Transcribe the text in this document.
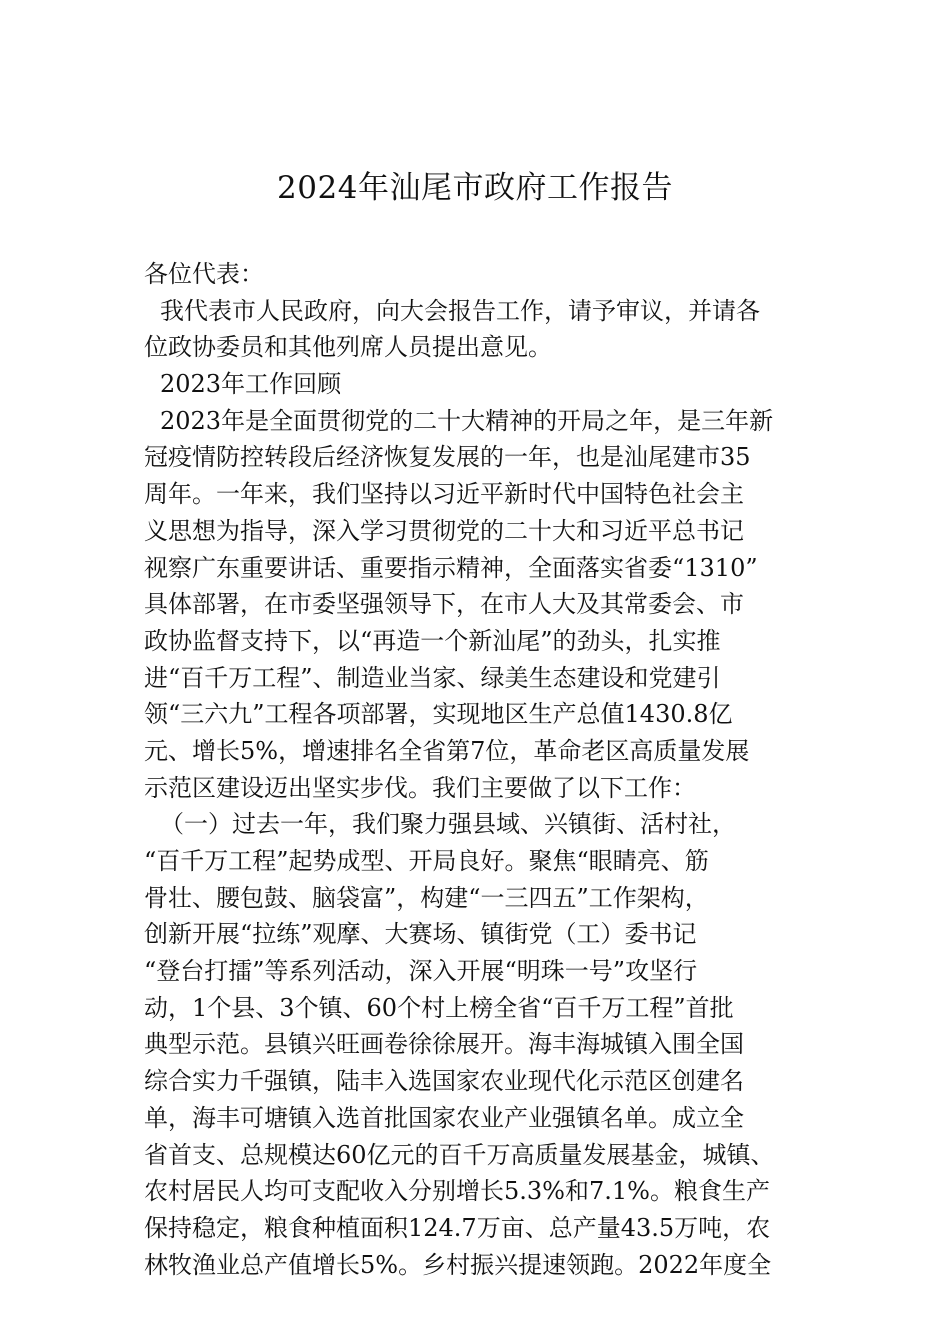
2024年汕尾市政府工作报告
各位代表：
我代表市人民政府，向大会报告工作，请予审议，并请各
位政协委员和其他列席人员提出意见。
2023年工作回顾
2023年是全面贯彻党的二十大精神的开局之年，是三年新
冠疫情防控转段后经济恢复发展的一年，也是汕尾建市35
周年。一年来，我们坚持以习近平新时代中国特色社会主
义思想为指导，深入学习贯彻党的二十大和习近平总书记
视察广东重要讲话、重要指示精神，全面落实省委“1310”
具体部署，在市委坚强领导下，在市人大及其常委会、市
政协监督支持下，以“再造一个新汕尾”的劲头，扎实推
进“百千万工程”、制造业当家、绿美生态建设和党建引
领“三六九”工程各项部署，实现地区生产总值1430.8亿
元、增长5%，增速排名全省第7位，革命老区高质量发展
示范区建设迈出坚实步伐。我们主要做了以下工作：
（一）过去一年，我们聚力强县域、兴镇街、活村社，
“百千万工程”起势成型、开局良好。聚焦“眼睛亮、筋
骨壮、腰包鼓、脑袋富”，构建“一三四五”工作架构，
创新开展“拉练”观摩、大赛场、镇街党（工）委书记
“登台打擂”等系列活动，深入开展“明珠一号”攻坚行
动，1个县、3个镇、60个村上榜全省“百千万工程”首批
典型示范。县镇兴旺画卷徐徐展开。海丰海城镇入围全国
综合实力千强镇，陆丰入选国家农业现代化示范区创建名
单，海丰可塘镇入选首批国家农业产业强镇名单。成立全
省首支、总规模达60亿元的百千万高质量发展基金，城镇、
农村居民人均可支配收入分别增长5.3%和7.1%。粮食生产
保持稳定，粮食种植面积124.7万亩、总产量43.5万吨，农
林牧渔业总产值增长5%。乡村振兴提速领跑。2022年度全
